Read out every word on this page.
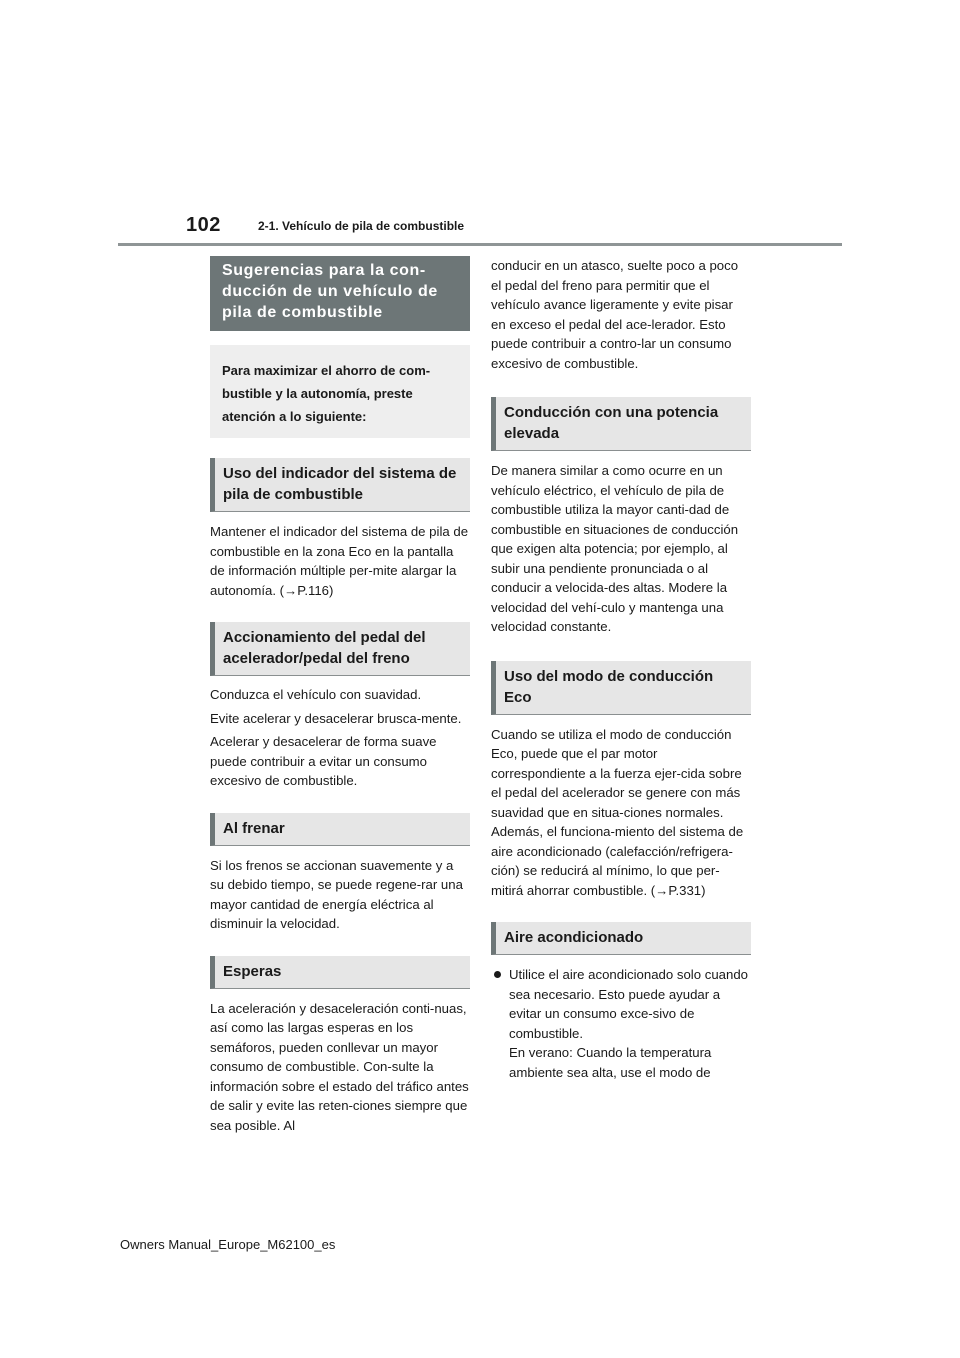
102	2-1. Vehículo de pila de combustible
Sugerencias para la con-ducción de un vehículo de pila de combustible
Para maximizar el ahorro de com-bustible y la autonomía, preste atención a lo siguiente:
Uso del indicador del sistema de pila de combustible

Mantener el indicador del sistema de pila de combustible en la zona Eco en la pantalla de información múltiple per-mite alargar la autonomía. (→P.116)

Accionamiento del pedal del acelerador/pedal del freno

Conduzca el vehículo con suavidad.

Evite acelerar y desacelerar brusca-mente.

Acelerar y desacelerar de forma suave puede contribuir a evitar un consumo excesivo de combustible.

Al frenar

Si los frenos se accionan suavemente y a su debido tiempo, se puede regene-rar una mayor cantidad de energía eléctrica al disminuir la velocidad.

Esperas

La aceleración y desaceleración conti-nuas, así como las largas esperas en los semáforos, pueden conllevar un mayor consumo de combustible. Con-sulte la información sobre el estado del tráfico antes de salir y evite las reten-ciones siempre que sea posible. Al

conducir en un atasco, suelte poco a poco el pedal del freno para permitir que el vehículo avance ligeramente y evite pisar en exceso el pedal del ace-lerador. Esto puede contribuir a contro-lar un consumo excesivo de combustible.

Conducción con una potencia elevada

De manera similar a como ocurre en un vehículo eléctrico, el vehículo de pila de combustible utiliza la mayor canti-dad de combustible en situaciones de conducción que exigen alta potencia; por ejemplo, al subir una pendiente pronunciada o al conducir a velocida-des altas. Modere la velocidad del vehí-culo y mantenga una velocidad constante.

Uso del modo de conducción Eco

Cuando se utiliza el modo de conducción Eco, puede que el par motor correspondiente a la fuerza ejer-cida sobre el pedal del acelerador se genere con más suavidad que en situa-ciones normales. Además, el funciona-miento del sistema de aire acondicionado (calefacción/refrigera-ción) se reducirá al mínimo, lo que per-mitirá ahorrar combustible. (→P.331)

Aire acondicionado

Utilice el aire acondicionado solo cuando sea necesario. Esto puede ayudar a evitar un consumo exce-sivo de combustible.

En verano: Cuando la temperatura ambiente sea alta, use el modo de

Owners Manual_Europe_M62100_es
